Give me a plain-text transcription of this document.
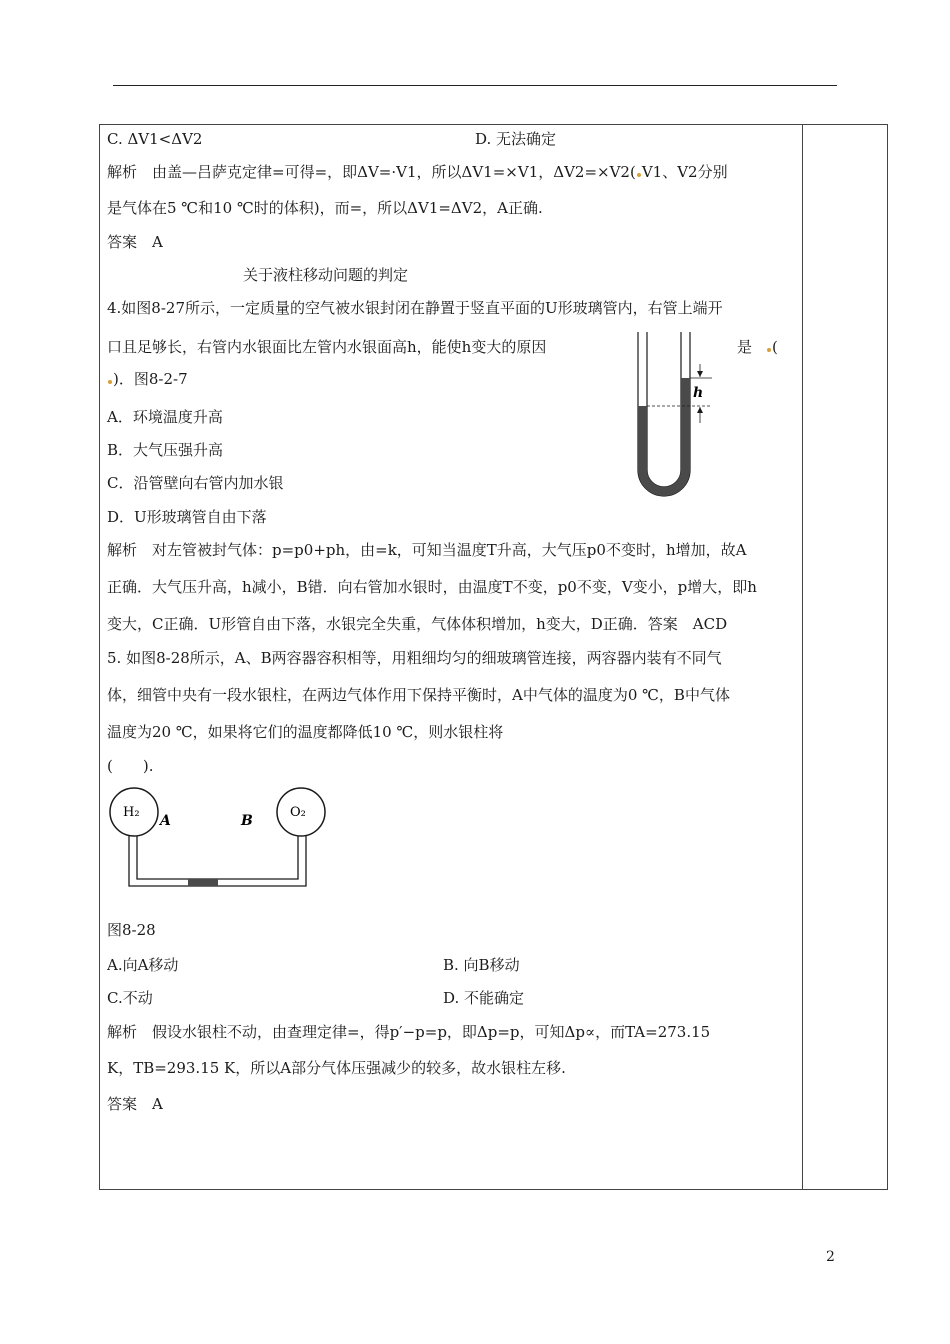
C. ΔV1<ΔV2	D. 无法确定
解析　由盖—吕萨克定律=可得=，即ΔV=·V1，所以ΔV1=×V1，ΔV2=×V2( V1、V2分别
是气体在5 ℃和10 ℃时的体积)，而=，所以ΔV1=ΔV2，A正确.
答案　A
关于液柱移动问题的判定
4.如图8-27所示，一定质量的空气被水银封闭在静置于竖直平面的U形玻璃管内，右管上端开
口且足够长，右管内水银面比左管内水银面高h，能使h变大的原因	是 (
)．图8-2-7
A．环境温度升高
B．大气压强升高
C．沿管壁向右管内加水银
D．U形玻璃管自由下落
h
解析　对左管被封气体：p=p0+ph，由=k，可知当温度T升高，大气压p0不变时，h增加，故A
正确．大气压升高，h减小，B错．向右管加水银时，由温度T不变，p0不变，V变小，p增大，即h
变大，C正确．U形管自由下落，水银完全失重，气体体积增加，h变大，D正确．答案　ACD
5. 如图8-28所示，A、B两容器容积相等，用粗细均匀的细玻璃管连接，两容器内装有不同气
体，细管中央有一段水银柱，在两边气体作用下保持平衡时，A中气体的温度为0 ℃，B中气体
温度为20 ℃，如果将它们的温度都降低10 ℃，则水银柱将
(　　).
H₂
A
O₂
B
图8-28
A.向A移动	B. 向B移动
C.不动	D. 不能确定
解析　假设水银柱不动，由查理定律=，得p′−p=p，即Δp=p，可知Δp∝，而TA=273.15
K，TB=293.15 K，所以A部分气体压强减少的较多，故水银柱左移.
答案　A
2
